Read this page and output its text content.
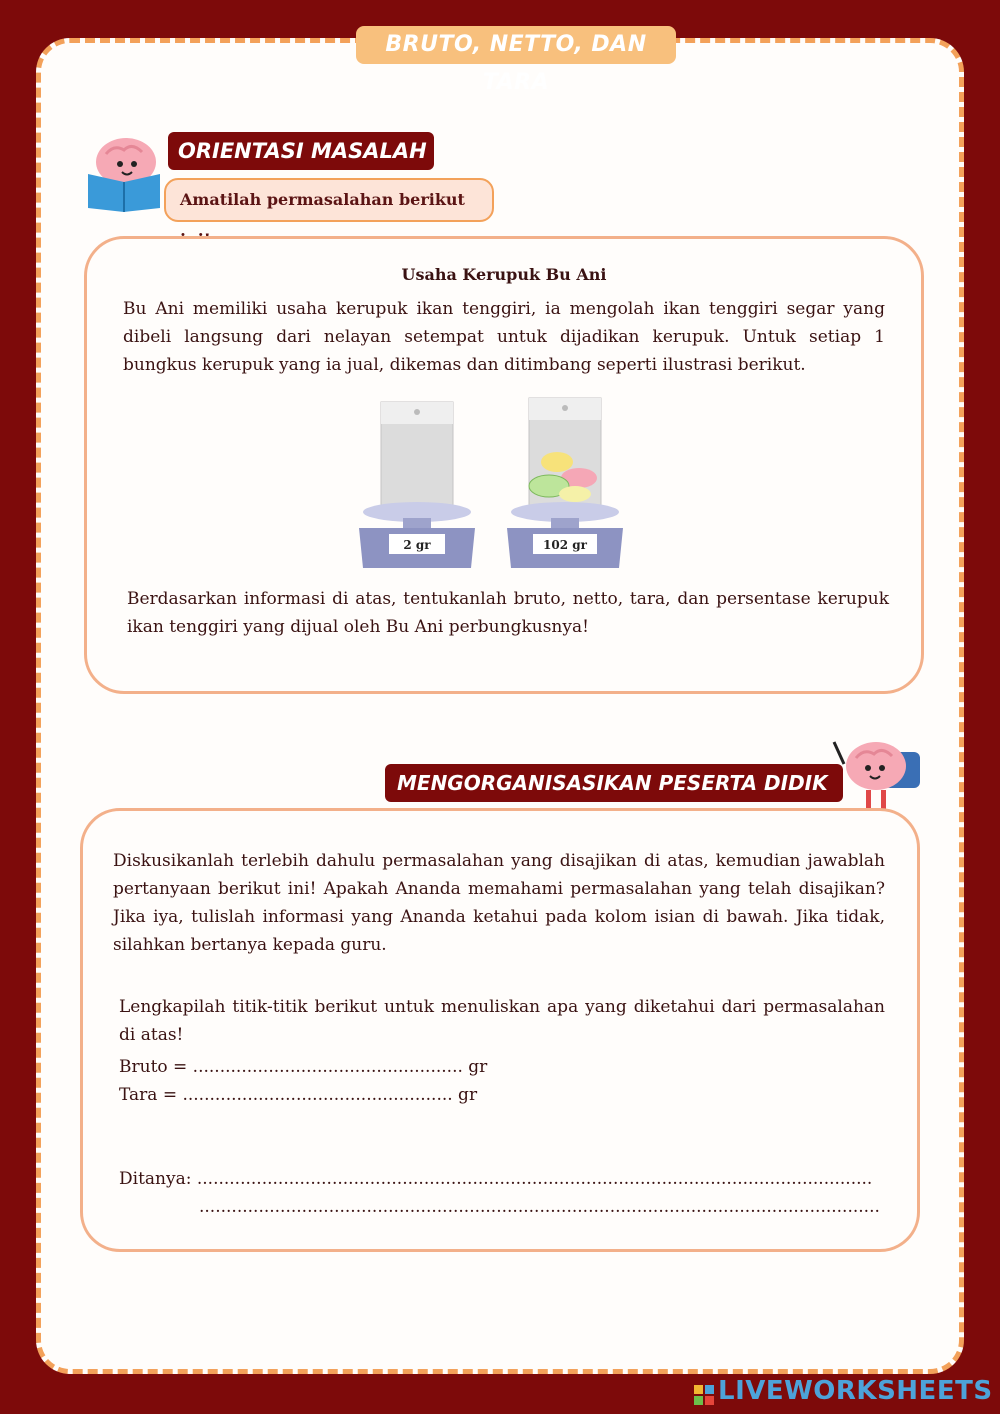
BRUTO, NETTO, DAN TARA
ORIENTASI MASALAH
Amatilah permasalahan berikut
Usaha Kerupuk Bu Ani
Bu Ani memiliki usaha kerupuk ikan tenggiri, ia mengolah ikan tenggiri segar yang dibeli langsung dari nelayan setempat untuk dijadikan kerupuk. Untuk setiap 1 bungkus kerupuk yang ia jual, dikemas dan ditimbang seperti ilustrasi berikut.
2 gr	102 gr
Berdasarkan informasi di atas, tentukanlah bruto, netto, tara, dan persentase kerupuk ikan tenggiri yang dijual oleh Bu Ani perbungkusnya!
MENGORGANISASIKAN PESERTA DIDIK
Diskusikanlah terlebih dahulu permasalahan yang disajikan di atas, kemudian jawablah pertanyaan berikut ini! Apakah Ananda memahami permasalahan yang telah disajikan? Jika iya, tulislah informasi yang Ananda ketahui pada kolom isian di bawah. Jika tidak, silahkan bertanya kepada guru.
Lengkapilah titik-titik berikut untuk menuliskan apa yang diketahui dari permasalahan di atas!
Bruto = .................................................. gr
Tara = .................................................. gr
Ditanya: .............................................................................................................................
..............................................................................................................................
LIVEWORKSHEETS
